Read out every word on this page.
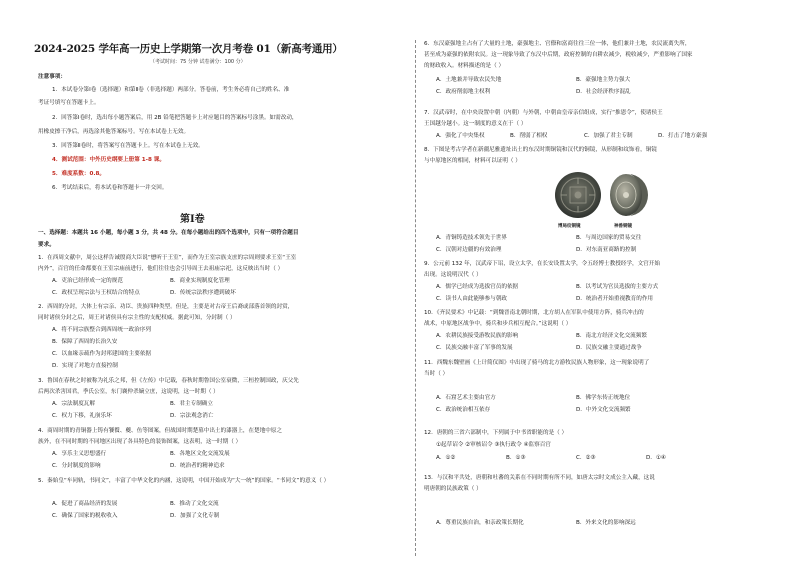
2024-2025 学年高一历史上学期第一次月考卷 01（新高考通用）
（考试时间：75 分钟 试卷满分：100 分）
注意事项：
1．本试卷分第Ⅰ卷（选择题）和第Ⅱ卷（非选择题）两部分。答卷前，考生务必将自己的姓名、准
考证号填写在答题卡上。
2．回答第Ⅰ卷时，选出每小题答案后，用 2B 铅笔把答题卡上对应题目的答案标号涂黑。如需改动，
用橡皮擦干净后，再选涂其他答案标号。写在本试卷上无效。
3．回答第Ⅱ卷时，将答案写在答题卡上。写在本试卷上无效。
4．测试范围：中外历史纲要上册第 1-8 课。
5．难度系数：0.8。
6．考试结束后，将本试卷和答题卡一并交回。
第Ⅰ卷
一、选择题：本题共 16 小题，每小题 3 分，共 48 分。在每小题给出的四个选项中，只有一项符合题目
要求。
1．在西周文献中，周公这样告诫殷商大臣说“懋听于王室”，而作为王室宗族支庶的宗周则要求王室“王室
内外”，百官的任命都要在王室宗庙前进行，他们往往也会引导周王去祖庙宗祀，这反映出当时（ ）
A．吏治已经形成一定的规范	B．商业实现制度化管理
C．政权呈现宗法与王权结合的特点	D．传统宗法秩序遭到破坏
2．西周的分封，大体上有宗亲、功臣、贵族四种类型。但是，主要是对古帝王后裔或部落首领的封赏，
同时诸侯分封之后，周王对诸侯具有宗主性的支配权威。据此可知，分封制（ ）
A．将不同宗族整合到西周统一政治序列
B．保障了西周的长治久安
C．以血缘亲疏作为封邦建国的主要依据
D．实现了对地方直接控制
3．鲁国在春秋之时被称为礼乐之邦，但《左传》中记载，春秋时期鲁国公室衰微，三桓控制国政，庆父先
后两次杀害国君，季氏公室，东门襄仲杀嫡立庶，这说明，这一时期（ ）
A．宗法制度瓦解	B．君主专制确立
C．权力下移，礼崩乐坏	D．宗法观念消亡
4．商周时期的青铜器上铸有饕餮、夔、鱼等图案，但战国时期楚墓中出土的漆器上，在楚地中原之
族外，在不同时期的不同地区出现了各具特色的装饰图案，这表明，这一时期（ ）
A．享乐主义思想盛行	B．各地区文化交流发展
C．分封制度的影响	D．统治者的精神追求
5．秦始皇“车同轨，书同文”，丰富了中华文化的内涵，这说明，中国开始成为“大一统”的国家。“书同文”的意义（ ）
A．促进了商品经济的发展	B．推动了文化交流
C．确保了国家的税收收入	D．加强了文化专制
6．东汉豪强地主占有了大量的土地，豪强地主、官僚和富商往往三位一体，他们兼并土地，农民流离失所，
甚至成为豪强的依附农民。这一现象导致了东汉中后期，政府控制的自耕农减少，税收减少，严重影响了国家
的财政收入。材料描述的是（ ）
A．土地兼并导致农民失地	B．豪强地主势力强大
C．政府削弱地主权利	D．社会经济秩序混乱
7．汉武帝时，在中央设置中朝（内朝）与外朝，中朝由皇帝亲信组成，实行“推恩令”，使诸侯王
王国越分越小。这一制度的意义在于（ ）
A．强化了中央集权	B．削弱了相权	C．加强了君主专制	D．打击了地方豪强
8．下图是考古学者在新疆尼雅遗址出土的东汉时期铜镜和汉代的铜镜，从形制和纹饰看，铜镜
与中原地区的相同，材料可以证明（ ）
A．青铜铸造技术领先于世界	B．与周边国家的贸易交往
C．汉朝对边疆的有效治理	D．对东南亚商路的控制
9．公元前 132 年，汉武帝下诏，设立太学，在长安设置太学，令五经博士教授经学，文官开始
出现。这说明汉代（ ）
A．儒学已经成为选拔官员的依据	B．以考试为官员选拔的主要方式
C．读书人由此能够参与朝政	D．统治者开始重视教育的作用
10．《齐民要术》中记载：“到魏晋南北朝时期，北方胡人在军队中使用方阵，骑兵冲击的
战术，中原地区战争中，骑兵和步兵相互配合。”这说明（ ）
A．农耕民族接受游牧民族的影响	B．南北方经济文化交流频繁
C．民族交融丰富了军事的发展	D．民族交融主要通过战争
11．西魏东魏壁画《上计简仪图》中出现了骑马的北方游牧民族人物形象，这一现象说明了
当时（ ）
A．石窟艺术主要由官方	B．佛学东传正统地位
C．政治统治相互依存	D．中外文化交流频繁
12．唐朝的三省六部制中，下列属于中书省职能的是（ ）
①起草诏令 ②审核诏令 ③执行政令 ④监察百官
A．①②	B．①③	C．②③	D．①④
13．与汉和平共处，唐朝和吐蕃的关系在不同时期有所不同，如唐太宗时文成公主入藏，这说
明唐朝的民族政策（ ）
A．尊重民族自治，和亲政策长期化	B．外来文化的影响深远
博局纹铜镜	神兽铜镜
